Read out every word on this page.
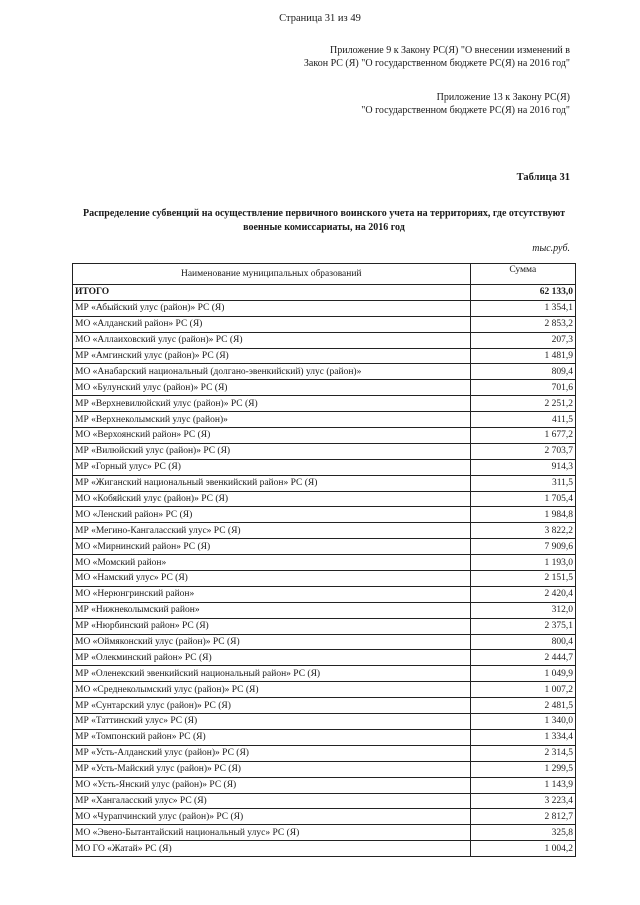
Страница 31 из 49
Приложение 9 к Закону РС(Я) "О внесении изменений в
Закон РС (Я) "О государственном бюджете РС(Я) на 2016 год"
Приложение 13 к Закону РС(Я)
"О государственном бюджете РС(Я) на 2016 год"
Таблица 31
Распределение субвенций на осуществление первичного воинского учета на территориях, где отсутствуют военные комиссариаты, на 2016 год
тыс.руб.
Наименование муниципальных образований	Сумма
ИТОГО	62 133,0
МР «Абыйский улус (район)» РС (Я)	1 354,1
МО «Алданский район» РС (Я)	2 853,2
МО «Аллаиховский улус (район)» РС (Я)	207,3
МР «Амгинский улус (район)» РС (Я)	1 481,9
МО «Анабарский национальный (долгано-эвенкийский) улус (район)»	809,4
МО «Булунский улус (район)» РС (Я)	701,6
МР «Верхневилюйский улус (район)» РС (Я)	2 251,2
МР «Верхнеколымский улус (район)»	411,5
МО «Верхоянский район» РС (Я)	1 677,2
МР «Вилюйский улус (район)» РС (Я)	2 703,7
МР «Горный улус» РС (Я)	914,3
МР «Жиганский национальный эвенкийский район» РС (Я)	311,5
МО «Кобяйский улус (район)» РС (Я)	1 705,4
МО «Ленский район» РС (Я)	1 984,8
МР «Мегино-Кангаласский улус» РС (Я)	3 822,2
МО «Мирнинский район» РС (Я)	7 909,6
МО «Момский район»	1 193,0
МО «Намский улус» РС (Я)	2 151,5
МО «Нерюнгринский район»	2 420,4
МР «Нижнеколымский район»	312,0
МР «Нюрбинский район» РС (Я)	2 375,1
МО «Оймяконский улус (район)» РС (Я)	800,4
МР «Олекминский район» РС (Я)	2 444,7
МР «Оленекский эвенкийский национальный район» РС (Я)	1 049,9
МО «Среднеколымский улус (район)» РС (Я)	1 007,2
МР «Сунтарский улус (район)» РС (Я)	2 481,5
МР «Таттинский улус» РС (Я)	1 340,0
МР «Томпонский район» РС (Я)	1 334,4
МР «Усть-Алданский улус (район)» РС (Я)	2 314,5
МР «Усть-Майский улус (район)» РС (Я)	1 299,5
МО «Усть-Янский улус (район)» РС (Я)	1 143,9
МР «Хангаласский улус» РС (Я)	3 223,4
МО «Чурапчинский улус (район)» РС (Я)	2 812,7
МО «Эвено-Бытантайский национальный улус» РС (Я)	325,8
МО ГО «Жатай» РС (Я)	1 004,2
